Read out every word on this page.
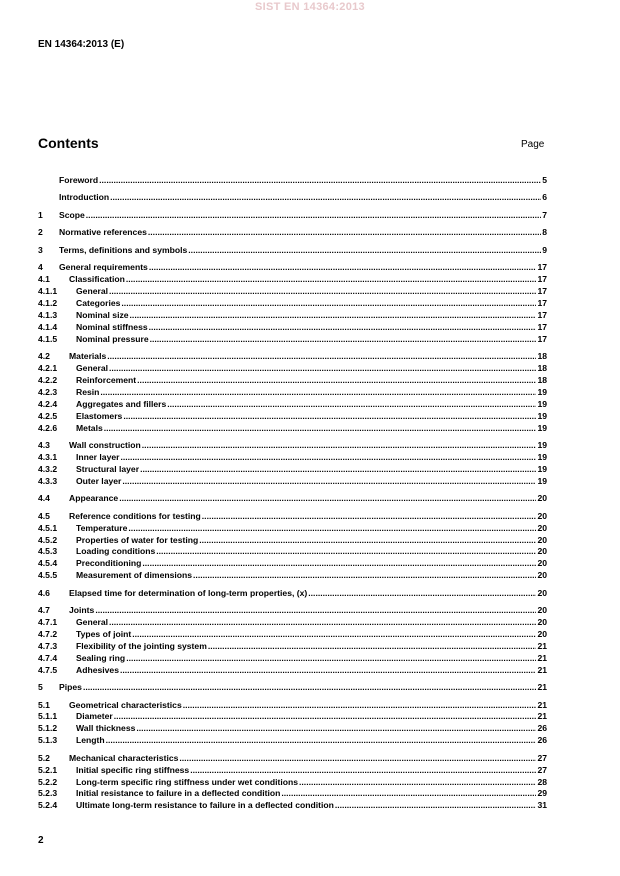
SIST EN 14364:2013
EN 14364:2013 (E)
Contents	Page
Foreword .....	5
Introduction .....	6
1	Scope .....	7
2	Normative references .....	8
3	Terms, definitions and symbols .....	9
4	General requirements .....	17
4.1	Classification .....	17
4.1.1	General .....	17
4.1.2	Categories .....	17
4.1.3	Nominal size .....	17
4.1.4	Nominal stiffness .....	17
4.1.5	Nominal pressure .....	17
4.2	Materials .....	18
4.2.1	General .....	18
4.2.2	Reinforcement .....	18
4.2.3	Resin .....	19
4.2.4	Aggregates and fillers .....	19
4.2.5	Elastomers .....	19
4.2.6	Metals .....	19
4.3	Wall construction .....	19
4.3.1	Inner layer .....	19
4.3.2	Structural layer .....	19
4.3.3	Outer layer .....	19
4.4	Appearance .....	20
4.5	Reference conditions for testing .....	20
4.5.1	Temperature .....	20
4.5.2	Properties of water for testing .....	20
4.5.3	Loading conditions .....	20
4.5.4	Preconditioning .....	20
4.5.5	Measurement of dimensions .....	20
4.6	Elapsed time for determination of long-term properties, (x) .....	20
4.7	Joints .....	20
4.7.1	General .....	20
4.7.2	Types of joint .....	20
4.7.3	Flexibility of the jointing system .....	21
4.7.4	Sealing ring .....	21
4.7.5	Adhesives .....	21
5	Pipes .....	21
5.1	Geometrical characteristics .....	21
5.1.1	Diameter .....	21
5.1.2	Wall thickness .....	26
5.1.3	Length .....	26
5.2	Mechanical characteristics .....	27
5.2.1	Initial specific ring stiffness .....	27
5.2.2	Long-term specific ring stiffness under wet conditions .....	28
5.2.3	Initial resistance to failure in a deflected condition .....	29
5.2.4	Ultimate long-term resistance to failure in a deflected condition .....	31
2
